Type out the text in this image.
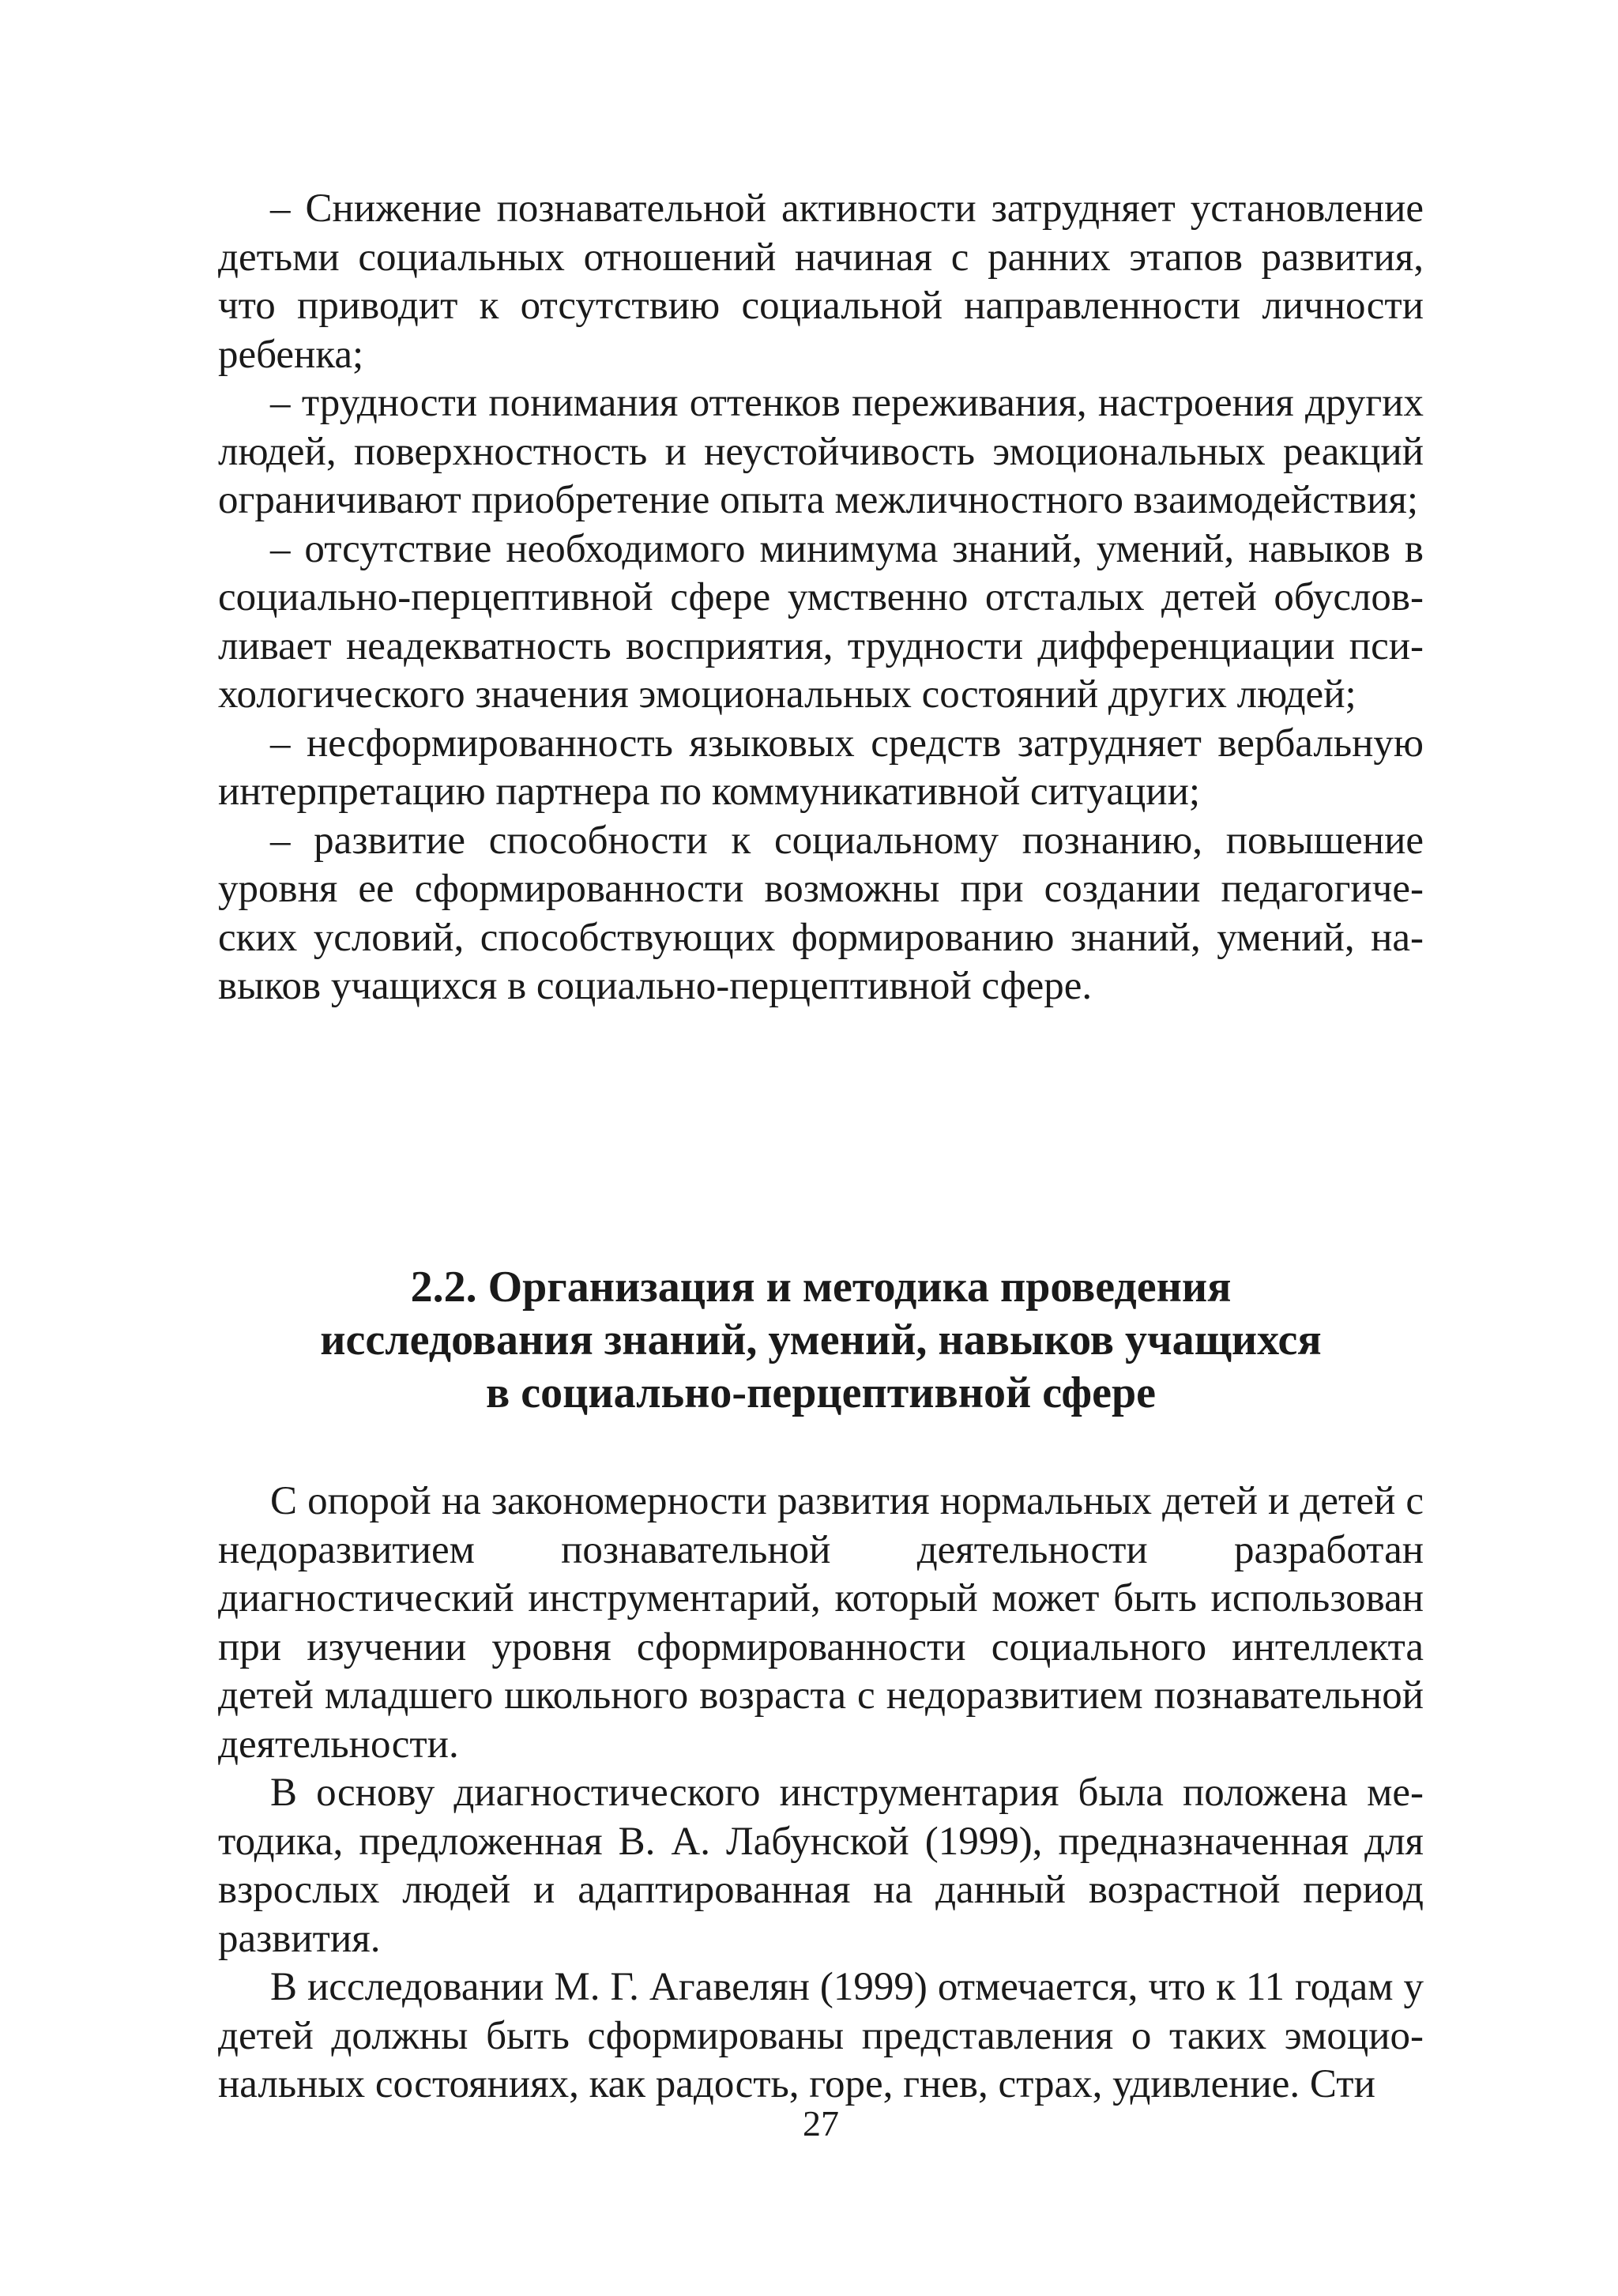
– Снижение познавательной активности затрудняет установление детьми социальных отношений начиная с ранних этапов развития, что приводит к отсутствию социальной направленности личности ребенка;

– трудности понимания оттенков переживания, настроения других людей, поверхностность и неустойчивость эмоциональных реакций ограничивают приобретение опыта межличностного взаимодействия;

– отсутствие необходимого минимума знаний, умений, навыков в социально-перцептивной сфере умственно отсталых детей обусловливает неадекватность восприятия, трудности дифференциации психологического значения эмоциональных состояний других людей;

– несформированность языковых средств затрудняет вербальную интерпретацию партнера по коммуникативной ситуации;

– развитие способности к социальному познанию, повышение уровня ее сформированности возможны при создании педагогических условий, способствующих формированию знаний, умений, навыков учащихся в социально-перцептивной сфере.

2.2. Организация и методика проведения
исследования знаний, умений, навыков учащихся
в социально-перцептивной сфере

С опорой на закономерности развития нормальных детей и детей с недоразвитием познавательной деятельности разработан диагностический инструментарий, который может быть использован при изучении уровня сформированности социального интеллекта детей младшего школьного возраста с недоразвитием познавательной деятельности.

В основу диагностического инструментария была положена методика, предложенная В. А. Лабунской (1999), предназначенная для взрослых людей и адаптированная на данный возрастной период развития.

В исследовании М. Г. Агавелян (1999) отмечается, что к 11 годам у детей должны быть сформированы представления о таких эмоциональных состояниях, как радость, горе, гнев, страх, удивление. Сти

27
